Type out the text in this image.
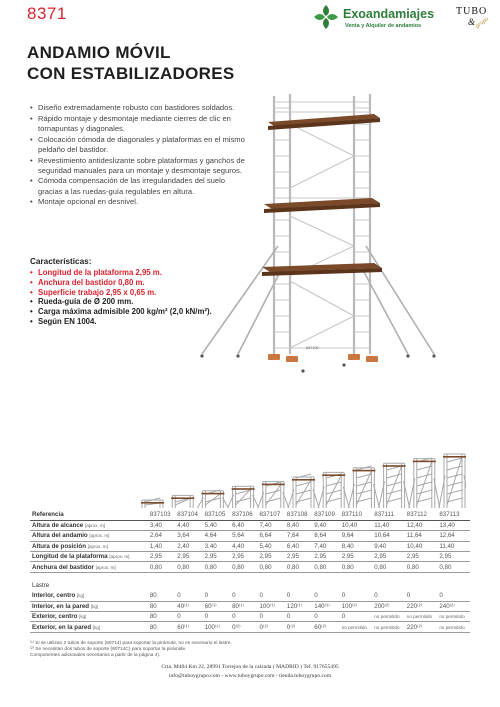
8371	Exoandamiajes
Venta y Alquiler de andamios
TUBO
& grupo
ANDAMIO MÓVIL
CON ESTABILIZADORES
• Diseño extremadamente robusto con bastidores soldados.
• Rápido montaje y desmontaje mediante cierres de clic en tornapuntas y diagonales.
• Colocación cómoda de diagonales y plataformas en el mismo peldaño del bastidor.
• Revestimiento antideslizante sobre plataformas y ganchos de seguridad manuales para un montaje y desmontaje seguros.
• Cómoda compensación de las irregularidades del suelo gracias a las ruedas-guía regulables en altura.
• Montaje opcional en desnivel.
Características:
• Longitud de la plataforma 2,95 m.
• Anchura del bastidor 0,80 m.
• Superficie trabajo 2,95 x 0,65 m.
• Rueda-guía de Ø 200 mm.
• Carga máxima admisible 200 kg/m² (2,0 kN/m²).
• Según EN 1004.
837109
Referencia	837103	837104	837105	837106	837107	837108	837109	837110	837111	837112	837113
Altura de alcance [aprox. m]	3,40	4,40	5,40	6,40	7,40	8,40	9,40	10,40	11,40	12,40	13,40
Altura del andamio [aprox. m]	2,64	3,64	4,64	5,64	6,64	7,64	8,64	9,64	10,64	11,64	12,64
Altura de posición [aprox. m]	1,40	2,40	3,40	4,40	5,40	6,40	7,40	8,40	9,40	10,40	11,40
Longitud de la plataforma [aprox. m]	2,95	2,95	2,95	2,95	2,95	2,95	2,95	2,95	2,95	2,95	2,95
Anchura del bastidor [aprox. m]	0,80	0,80	0,80	0,80	0,80	0,80	0,80	0,80	0,80	0,80	0,80

Lastre											
Interior, centro [kg]	80	0	0	0	0	0	0	0	0	0	0
Interior, en la pared [kg]	80	40⁽¹⁾	60⁽¹⁾	80⁽¹⁾	100⁽¹⁾	120⁽¹⁾	140⁽¹⁾	100⁽²⁾	200⁽²⁾	220⁽²⁾	240⁽²⁾
Exterior, centro [kg]	80	0	0	0	0	0	0	0	no permitido	no permitido	no permitido
Exterior, en la pared [kg]	80	60⁽¹⁾	100⁽¹⁾	0⁽²⁾	0⁽²⁾	0⁽²⁾	60⁽²⁾	no permitido	no permitido	220⁽²⁾	no permitido
⁽¹⁾ Si se utilizan 2 tubos de soporte (60714) para soportar la pirámide, no es necesario el lastre.
⁽²⁾ Se necesitan dos tubos de soporte (60714C) para soportar la pirámide.
Componentes adicionales necesarios a partir de la página 4).
Crta. M404 Km 22, 28991 Torrejon de la calzada ( MADRID ) Tef. 917655495
info@tuboygrupo.com - www.tuboygrupo.com - tienda.tuboygrupo.com
